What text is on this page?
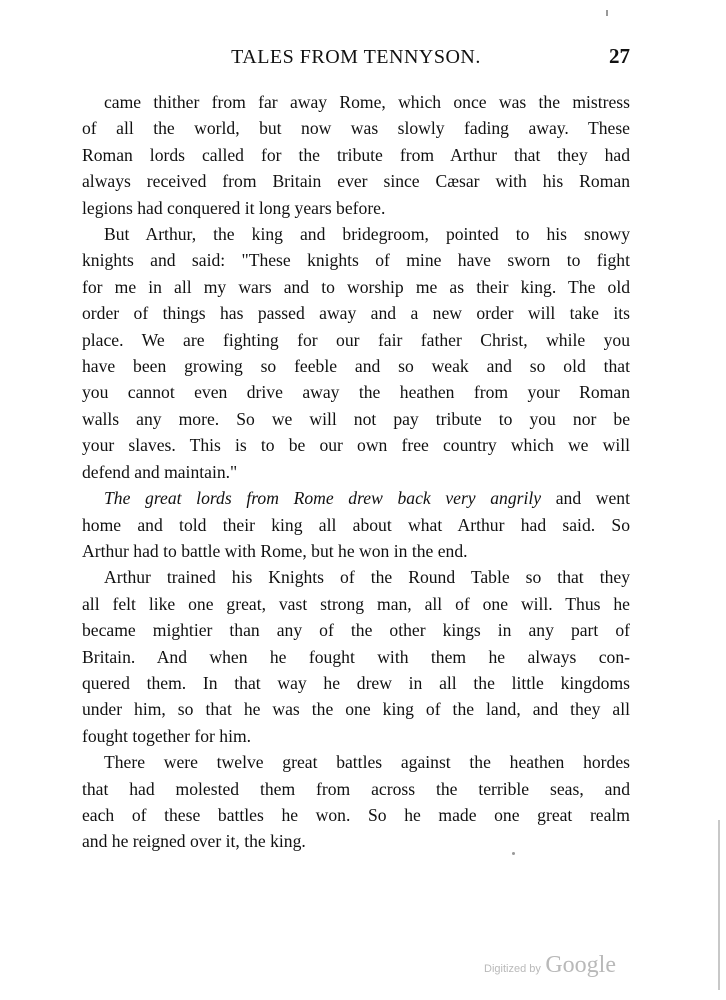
TALES FROM TENNYSON.	27
came thither from far away Rome, which once was the mistress
of all the world, but now was slowly fading away. These
Roman lords called for the tribute from Arthur that they had
always received from Britain ever since Cæsar with his Roman
legions had conquered it long years before.
But Arthur, the king and bridegroom, pointed to his snowy
knights and said: "These knights of mine have sworn to fight
for me in all my wars and to worship me as their king. The old
order of things has passed away and a new order will take its
place. We are fighting for our fair father Christ, while you
have been growing so feeble and so weak and so old that
you cannot even drive away the heathen from your Roman
walls any more. So we will not pay tribute to you nor be
your slaves. This is to be our own free country which we will
defend and maintain."
The great lords from Rome drew back very angrily and went
home and told their king all about what Arthur had said. So
Arthur had to battle with Rome, but he won in the end.
Arthur trained his Knights of the Round Table so that they
all felt like one great, vast strong man, all of one will. Thus he
became mightier than any of the other kings in any part of
Britain. And when he fought with them he always con-
quered them. In that way he drew in all the little kingdoms
under him, so that he was the one king of the land, and they all
fought together for him.
There were twelve great battles against the heathen hordes
that had molested them from across the terrible seas, and
each of these battles he won. So he made one great realm
and he reigned over it, the king.
Digitized by Google
